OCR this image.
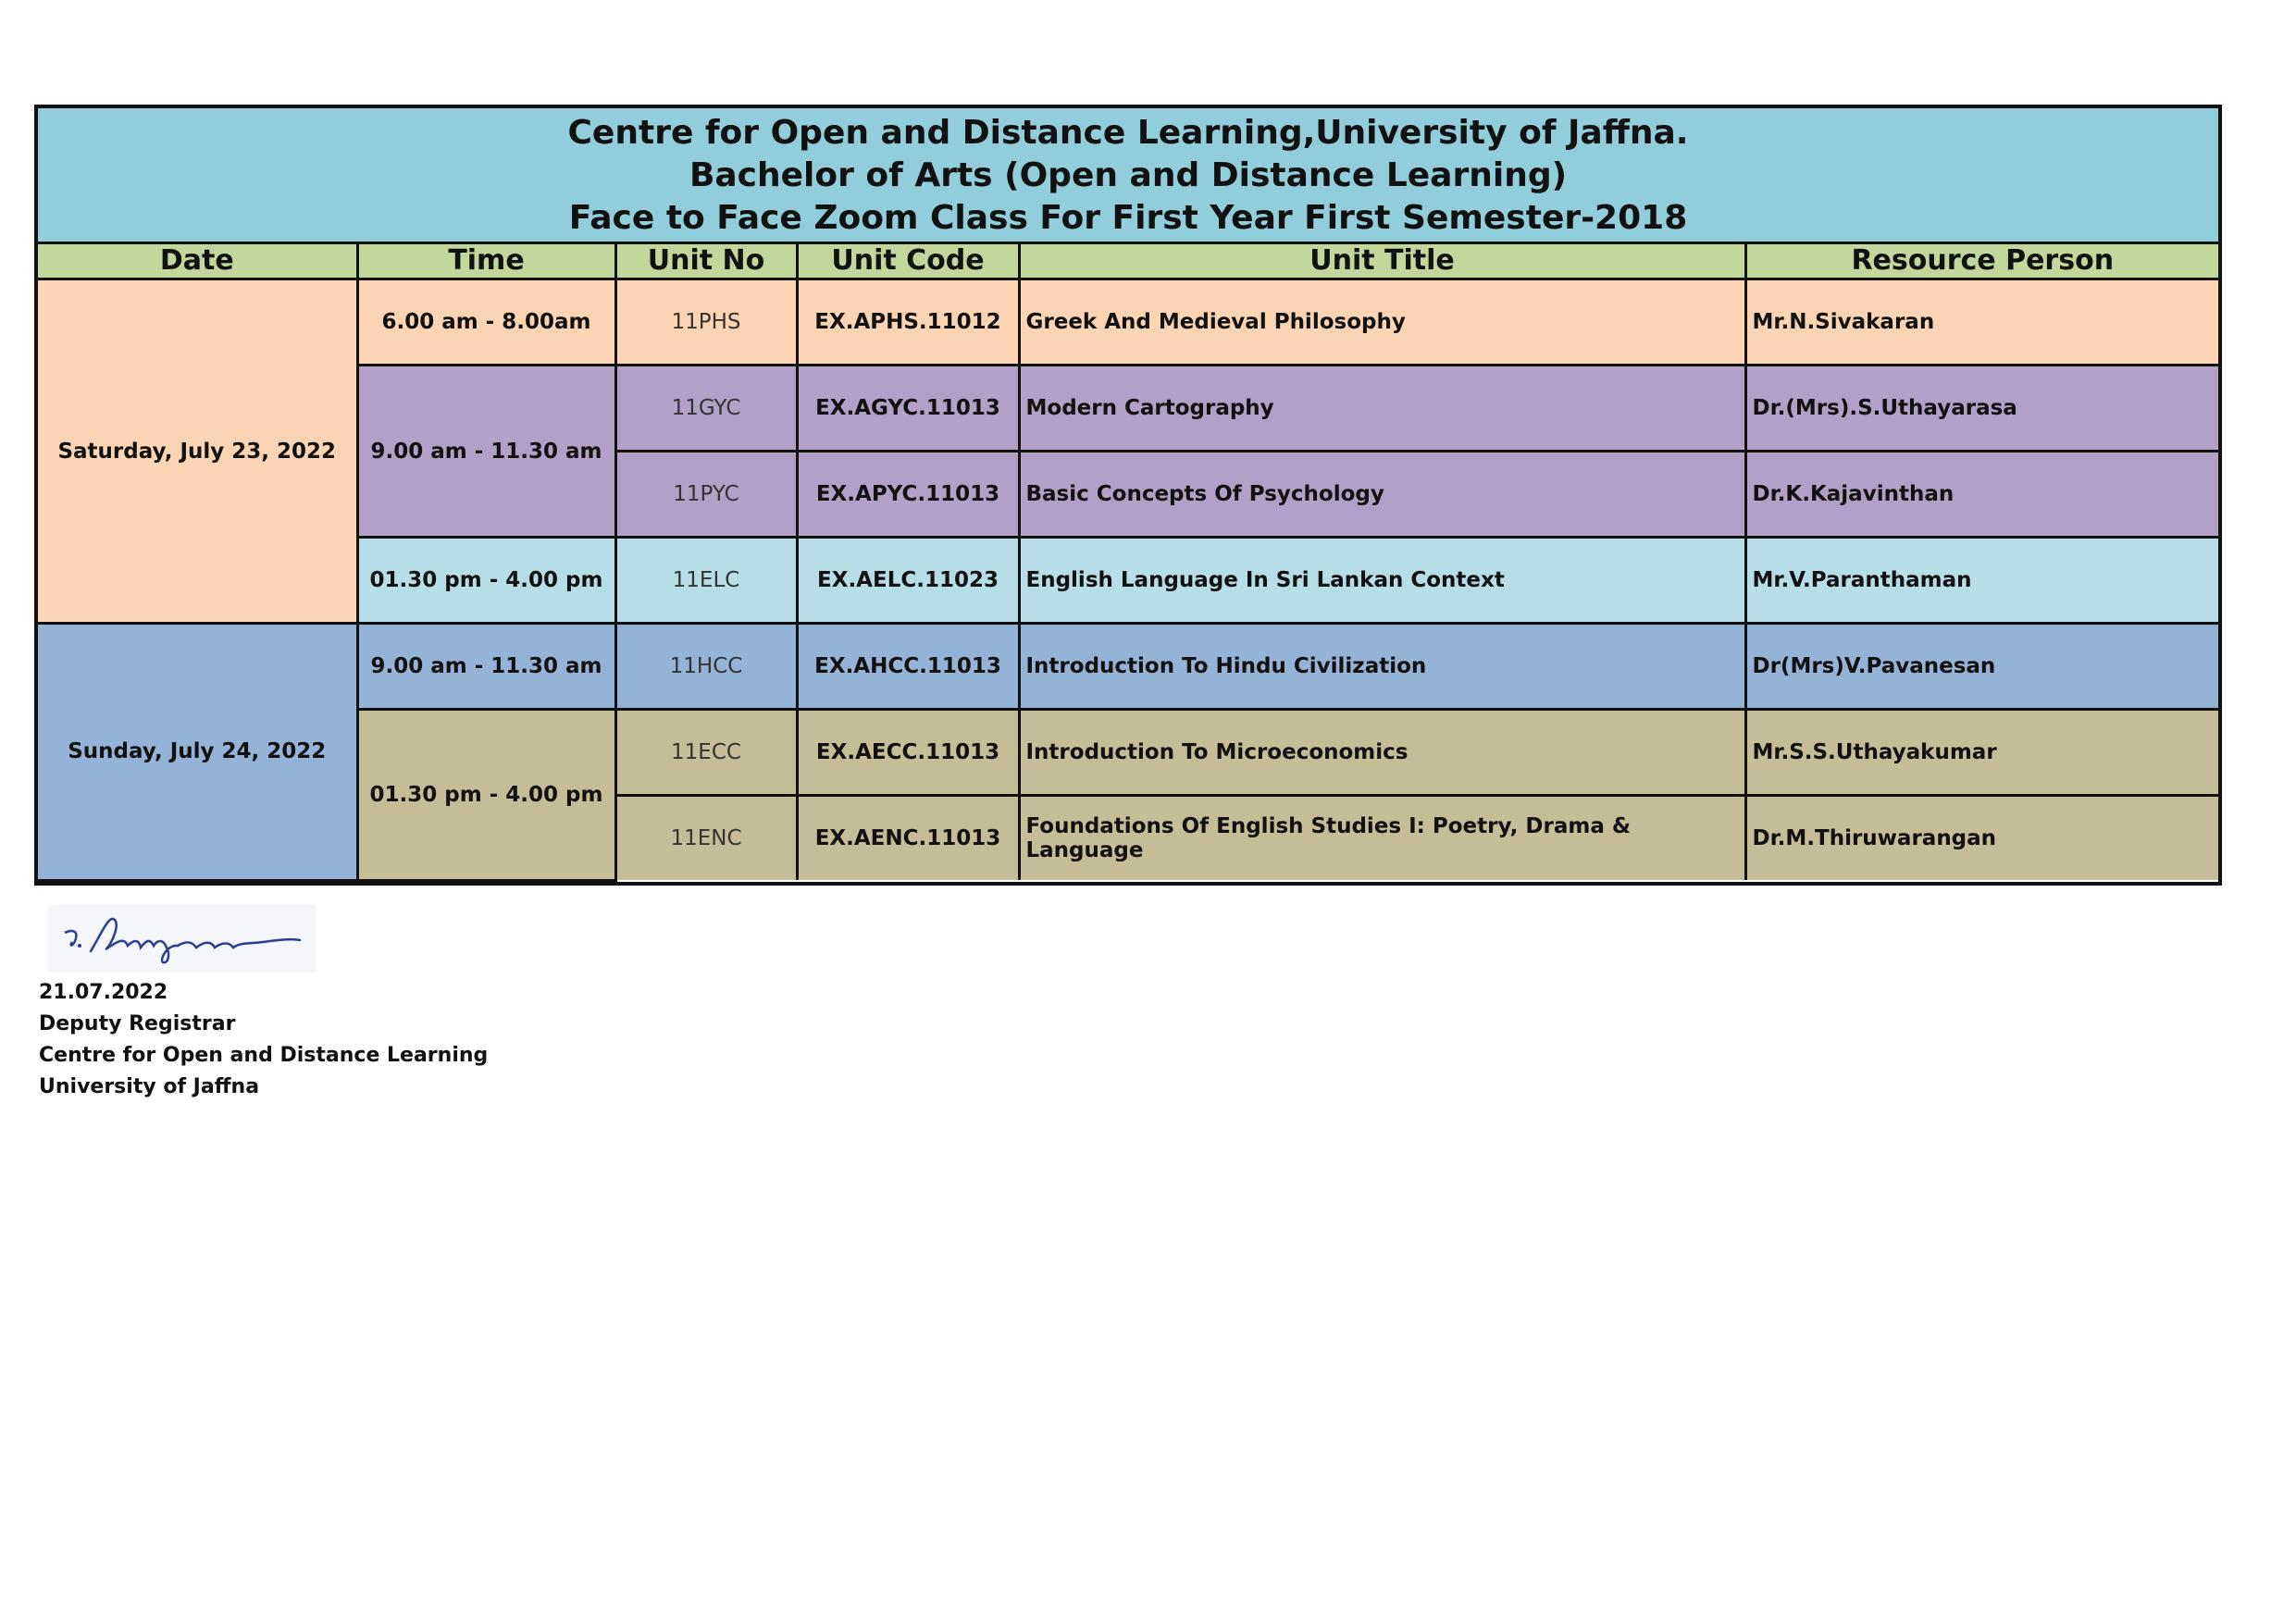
Centre for Open and Distance Learning,University of Jaffna.
Bachelor of Arts (Open and Distance Learning)
Face to Face Zoom Class For First Year First Semester-2018
Date	Time	Unit No	Unit Code	Unit Title	Resource Person
Saturday, July 23, 2022	6.00 am - 8.00am	11PHS	EX.APHS.11012	Greek And Medieval Philosophy	Mr.N.Sivakaran
	9.00 am - 11.30 am	11GYC	EX.AGYC.11013	Modern Cartography	Dr.(Mrs).S.Uthayarasa
		11PYC	EX.APYC.11013	Basic Concepts Of Psychology	Dr.K.Kajavinthan
	01.30 pm - 4.00 pm	11ELC	EX.AELC.11023	English Language In Sri Lankan Context	Mr.V.Paranthaman
Sunday, July 24, 2022	9.00 am - 11.30 am	11HCC	EX.AHCC.11013	Introduction To Hindu Civilization	Dr(Mrs)V.Pavanesan
	01.30 pm - 4.00 pm	11ECC	EX.AECC.11013	Introduction To Microeconomics	Mr.S.S.Uthayakumar
		11ENC	EX.AENC.11013	Foundations Of English Studies I: Poetry, Drama & Language	Dr.M.Thiruwarangan
21.07.2022
Deputy Registrar
Centre for Open and Distance Learning
University of Jaffna
